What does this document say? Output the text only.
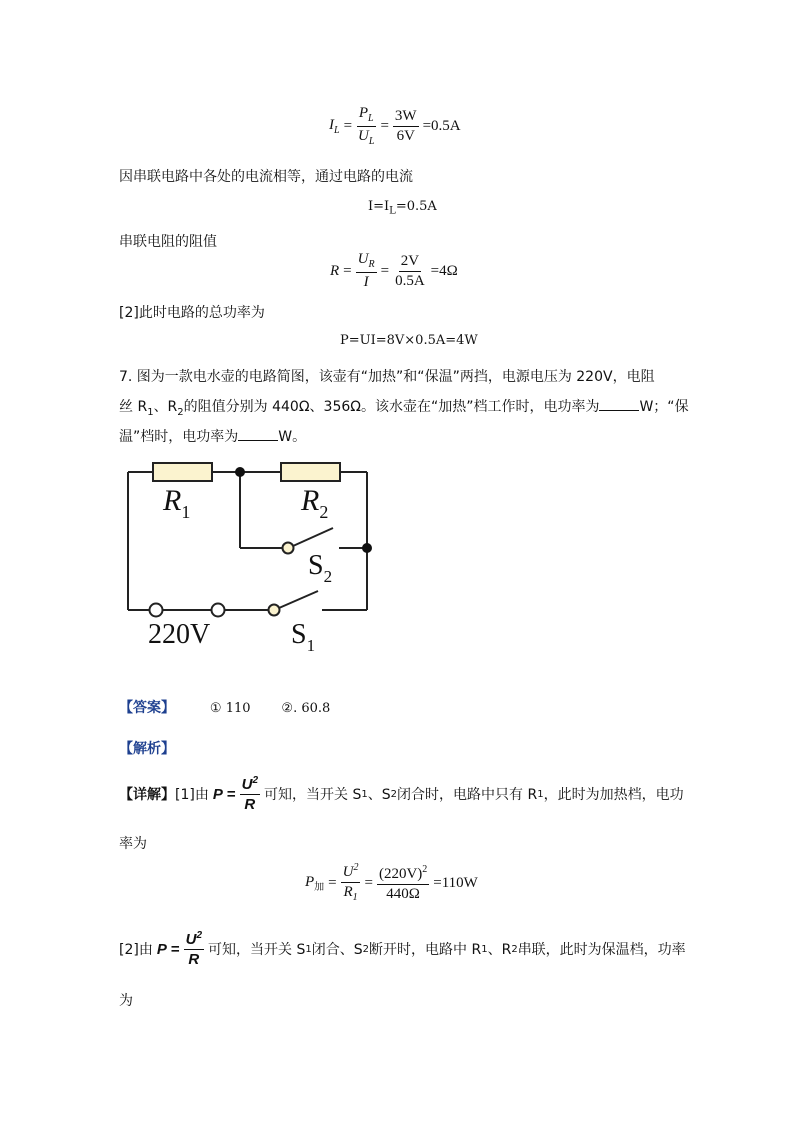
$I_L = \frac{P_L}{U_L} = \frac{3W}{6V} =0.5A$
因串联电路中各处的电流相等，通过电路的电流
$I=I_L=0.5A$
串联电阻的阻值
$R = \frac{U_R}{I} = \frac{2V}{0.5A} =4\Omega$
[2]此时电路的总功率为
P=UI=8V×0.5A=4W
7. 图为一款电水壶的电路简图，该壶有“加热”和“保温”两挡，电源电压为 220V，电阻
丝 $R_1$、$R_2$的阻值分别为 440Ω、356Ω。该水壶在“加热”档工作时，电功率为	W；“保
温”档时，电功率为	W。
$R_1$	$R_2$
$S_2$
220V	$S_1$
【答案】	① 110 ②. 60.8
【解析】
【详解】 [1]由 $P = \frac{U^2}{R}$ 可知，当开关 S 1 、S 2 闭合时，电路中只有 R 1 ，此时为加热档，电功
率为
$P_加 = \frac{U^2}{R_1} = \frac{(220V)^2}{440\Omega} =110W$
[2]由 $P = \frac{U^2}{R}$ 可知，当开关 S 1 闭合、S 2 断开时，电路中 R 1 、R 2 串联，此时为保温档，功率
为
